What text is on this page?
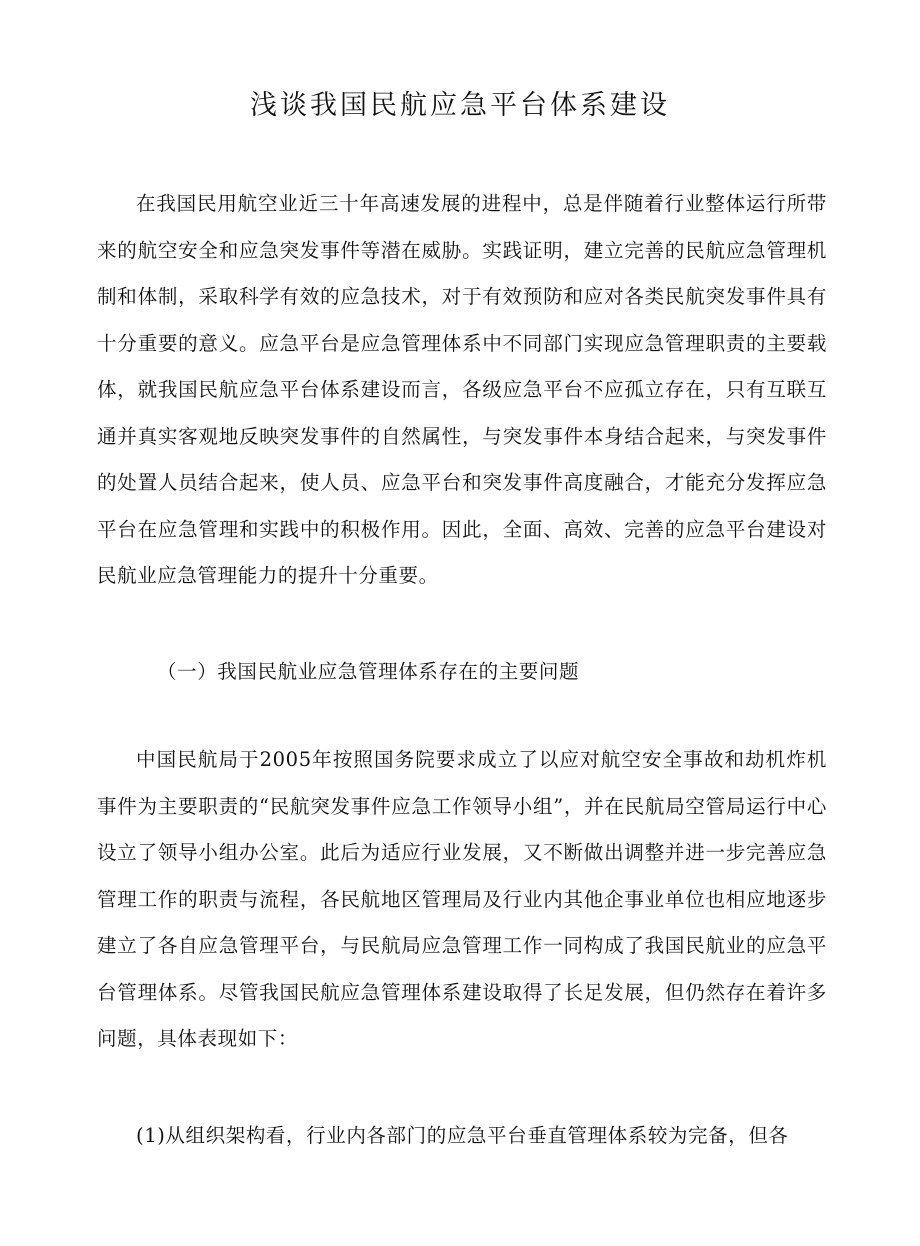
浅谈我国民航应急平台体系建设

在我国民用航空业近三十年高速发展的进程中，总是伴随着行业整体运行所带来的航空安全和应急突发事件等潜在威胁。实践证明，建立完善的民航应急管理机制和体制，采取科学有效的应急技术，对于有效预防和应对各类民航突发事件具有十分重要的意义。应急平台是应急管理体系中不同部门实现应急管理职责的主要载体，就我国民航应急平台体系建设而言，各级应急平台不应孤立存在，只有互联互通并真实客观地反映突发事件的自然属性，与突发事件本身结合起来，与突发事件的处置人员结合起来，使人员、应急平台和突发事件高度融合，才能充分发挥应急平台在应急管理和实践中的积极作用。因此，全面、高效、完善的应急平台建设对民航业应急管理能力的提升十分重要。

（一）我国民航业应急管理体系存在的主要问题

中国民航局于2005年按照国务院要求成立了以应对航空安全事故和劫机炸机事件为主要职责的“民航突发事件应急工作领导小组”，并在民航局空管局运行中心设立了领导小组办公室。此后为适应行业发展，又不断做出调整并进一步完善应急管理工作的职责与流程，各民航地区管理局及行业内其他企事业单位也相应地逐步建立了各自应急管理平台，与民航局应急管理工作一同构成了我国民航业的应急平台管理体系。尽管我国民航应急管理体系建设取得了长足发展，但仍然存在着许多问题，具体表现如下：

(1)从组织架构看，行业内各部门的应急平台垂直管理体系较为完备，但各
